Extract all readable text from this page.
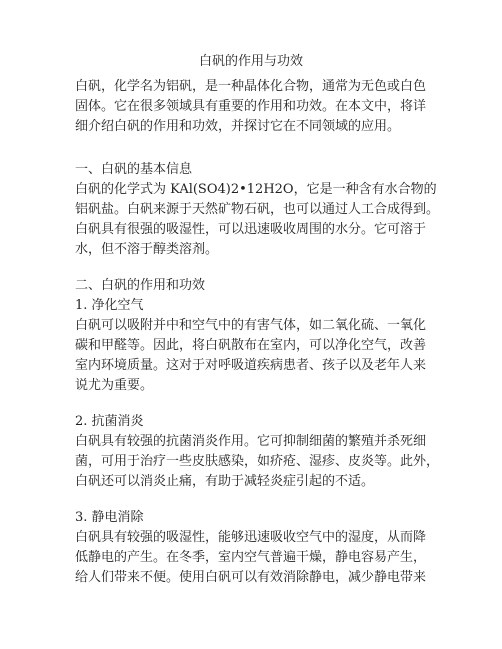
白矾的作用与功效
白矾，化学名为铝矾，是一种晶体化合物，通常为无色或白色
固体。它在很多领域具有重要的作用和功效。在本文中，将详
细介绍白矾的作用和功效，并探讨它在不同领域的应用。
一、白矾的基本信息
白矾的化学式为 KAl(SO4)2•12H2O，它是一种含有水合物的
铝矾盐。白矾来源于天然矿物石矾，也可以通过人工合成得到。
白矾具有很强的吸湿性，可以迅速吸收周围的水分。它可溶于
水，但不溶于醇类溶剂。
二、白矾的作用和功效
1. 净化空气
白矾可以吸附并中和空气中的有害气体，如二氧化硫、一氧化
碳和甲醛等。因此，将白矾散布在室内，可以净化空气，改善
室内环境质量。这对于对呼吸道疾病患者、孩子以及老年人来
说尤为重要。
2. 抗菌消炎
白矾具有较强的抗菌消炎作用。它可抑制细菌的繁殖并杀死细
菌，可用于治疗一些皮肤感染，如疥疮、湿疹、皮炎等。此外，
白矾还可以消炎止痛，有助于减轻炎症引起的不适。
3. 静电消除
白矾具有较强的吸湿性，能够迅速吸收空气中的湿度，从而降
低静电的产生。在冬季，室内空气普遍干燥，静电容易产生，
给人们带来不便。使用白矾可以有效消除静电，减少静电带来
